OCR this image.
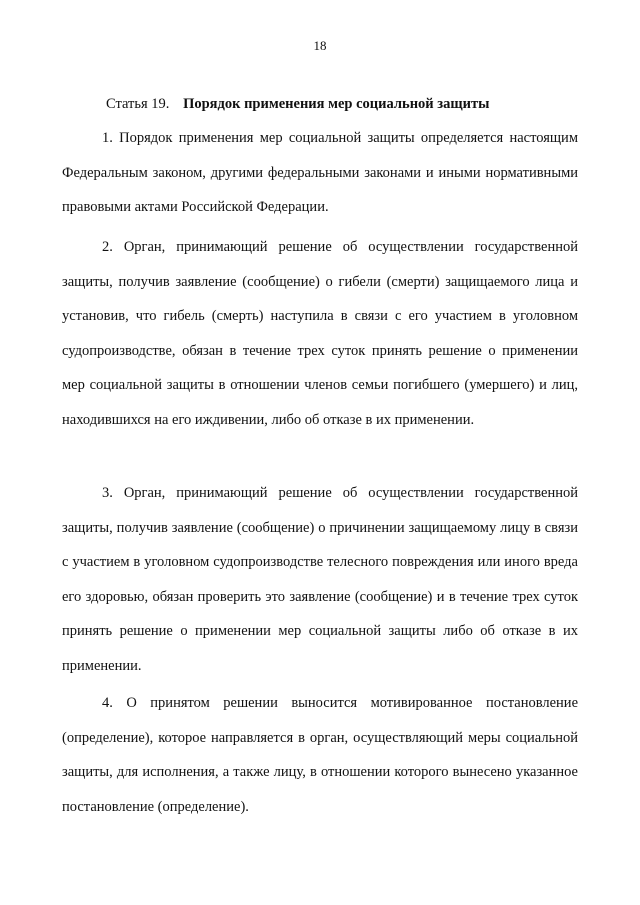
18
Статья 19. Порядок применения мер социальной защиты

1. Порядок применения мер социальной защиты определяется настоящим Федеральным законом, другими федеральными законами и иными нормативными правовыми актами Российской Федерации.

2. Орган, принимающий решение об осуществлении государственной защиты, получив заявление (сообщение) о гибели (смерти) защищаемого лица и установив, что гибель (смерть) наступила в связи с его участием в уголовном судопроизводстве, обязан в течение трех суток принять решение о применении мер социальной защиты в отношении членов семьи погибшего (умершего) и лиц, находившихся на его иждивении, либо об отказе в их применении.

3. Орган, принимающий решение об осуществлении государственной защиты, получив заявление (сообщение) о причинении защищаемому лицу в связи с участием в уголовном судопроизводстве телесного повреждения или иного вреда его здоровью, обязан проверить это заявление (сообщение) и в течение трех суток принять решение о применении мер социальной защиты либо об отказе в их применении.

4. О принятом решении выносится мотивированное постановление (определение), которое направляется в орган, осуществляющий меры социальной защиты, для исполнения, а также лицу, в отношении которого вынесено указанное постановление (определение).
